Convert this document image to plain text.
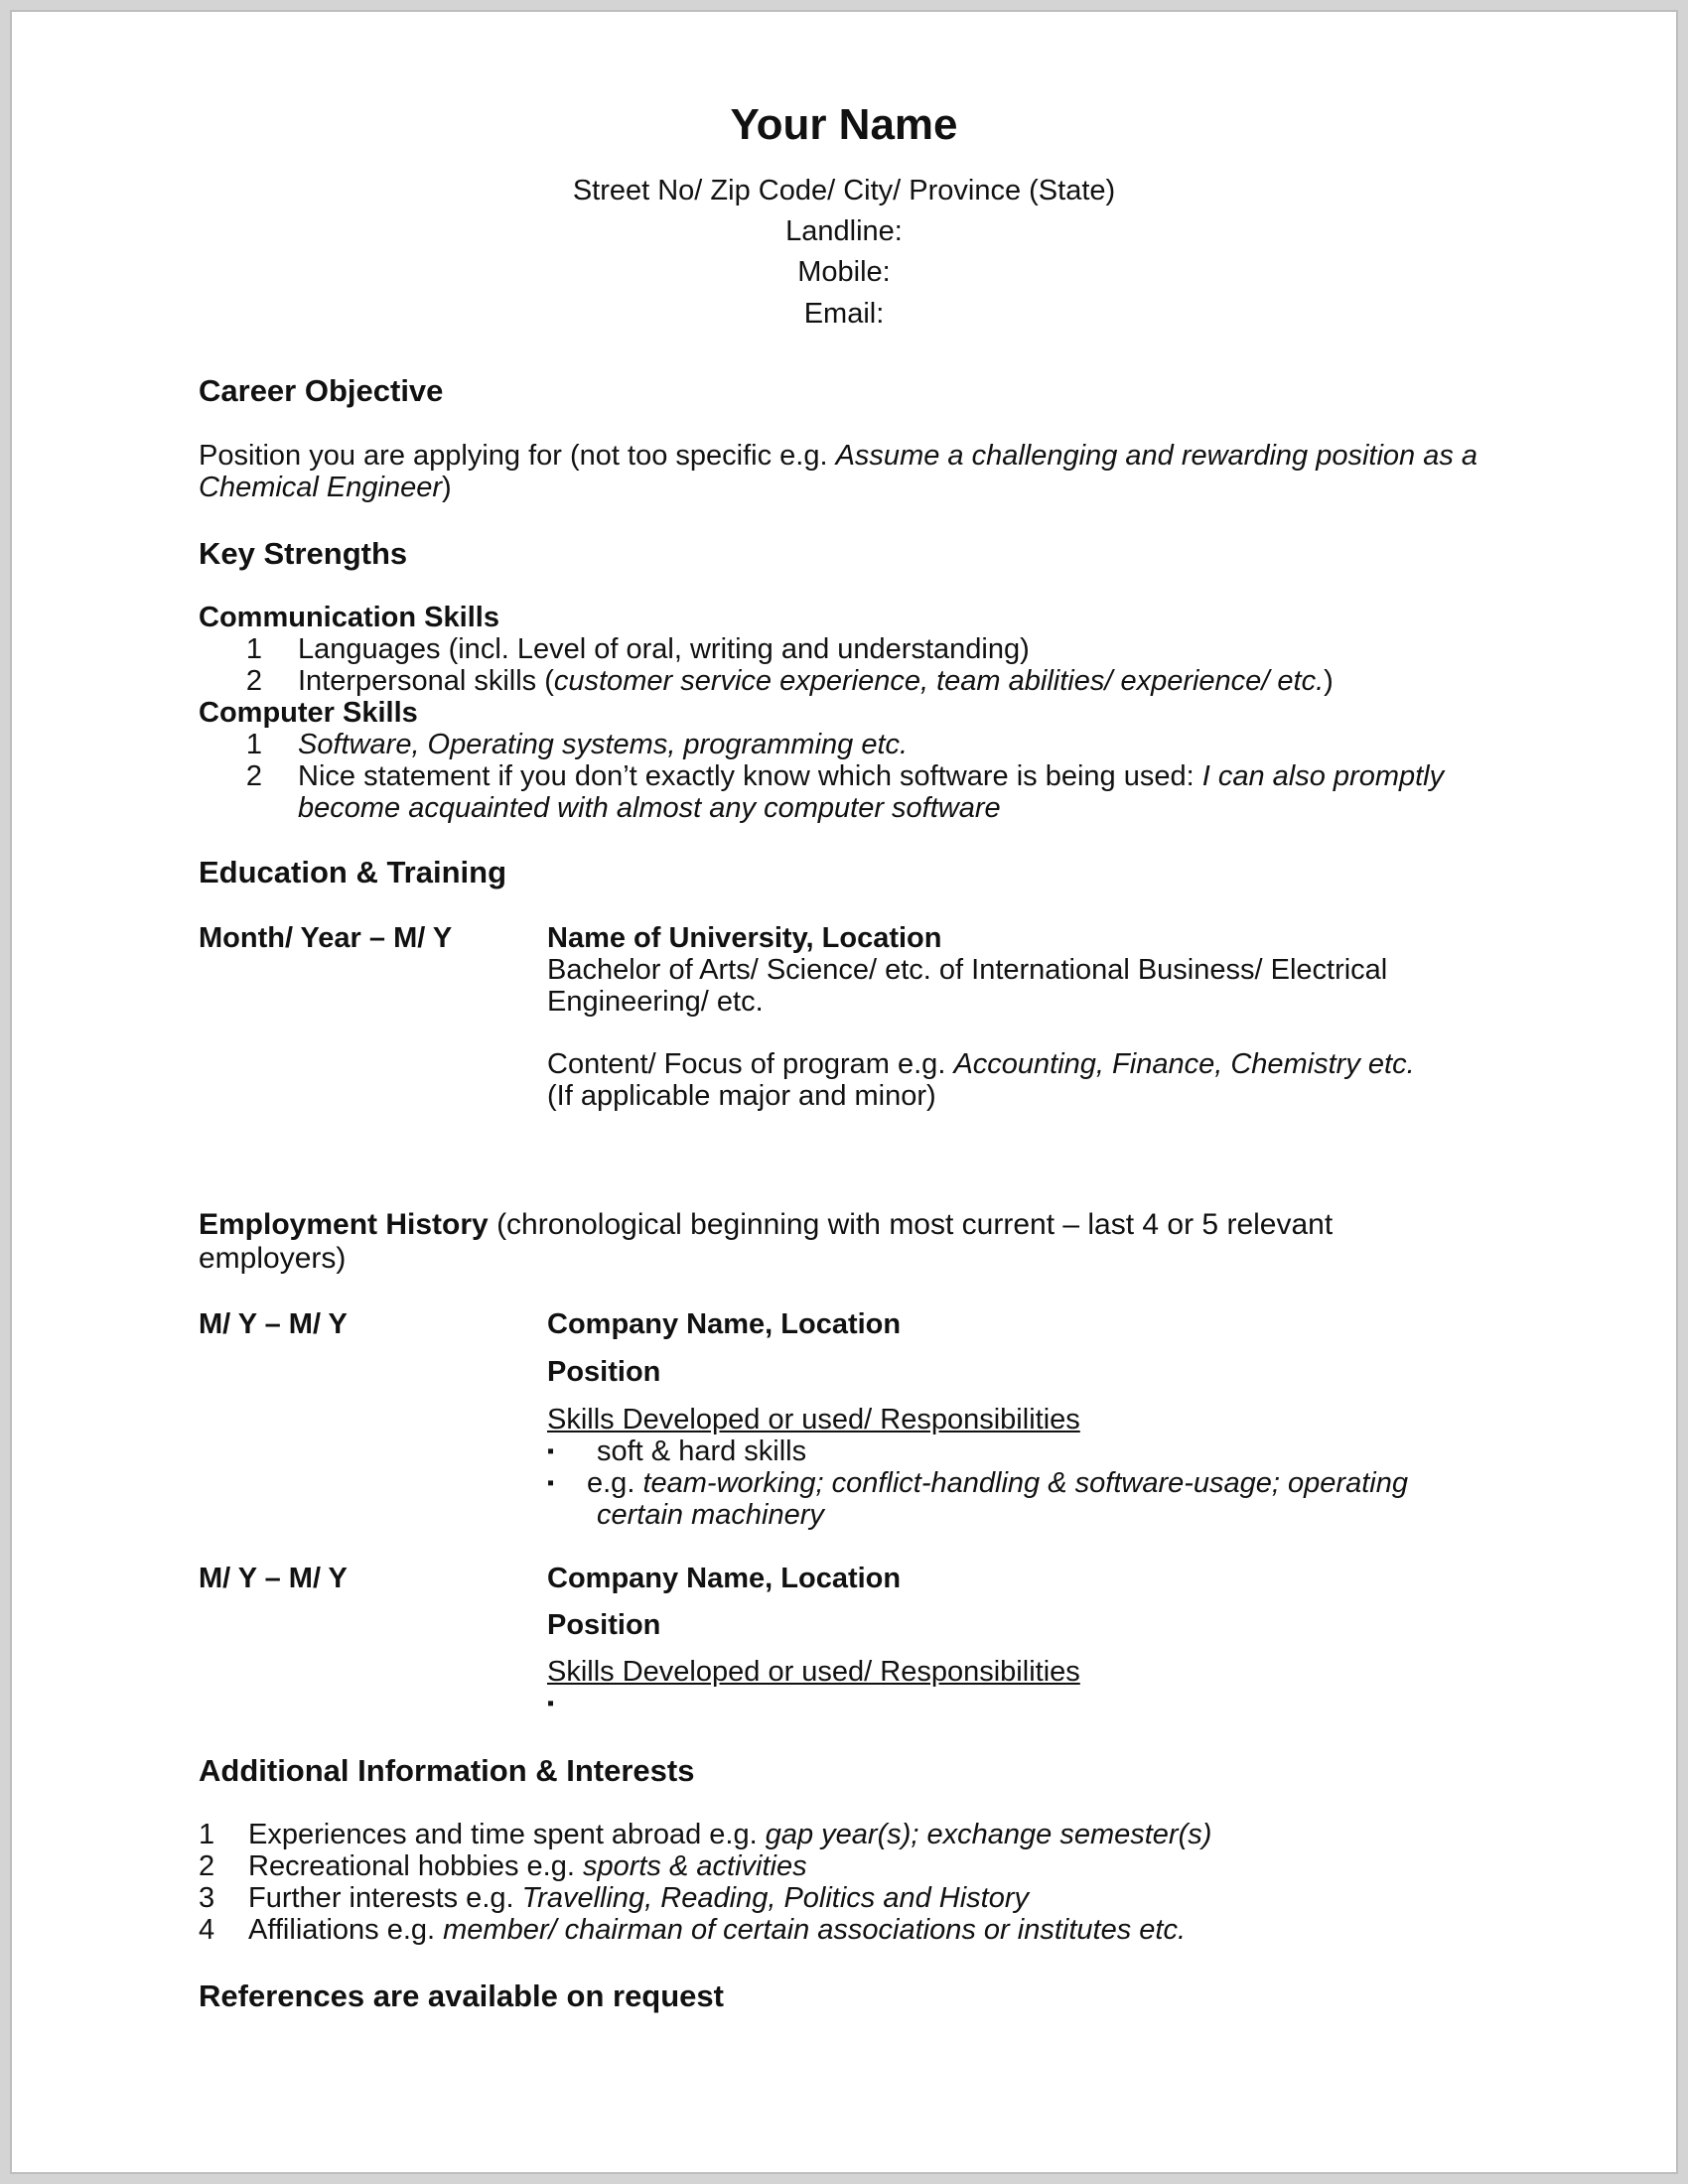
Your Name
Street No/ Zip Code/ City/ Province (State)
Landline:
Mobile:
Email:
Career Objective
Position you are applying for (not too specific e.g. Assume a challenging and rewarding position as a
Chemical Engineer)
Key Strengths
Communication Skills
1 Languages (incl. Level of oral, writing and understanding)
2 Interpersonal skills (customer service experience, team abilities/ experience/ etc.)
Computer Skills
1 Software, Operating systems, programming etc.
2 Nice statement if you don’t exactly know which software is being used: I can also promptly
become acquainted with almost any computer software
Education & Training
Month/ Year – M/ Y	Name of University, Location
Bachelor of Arts/ Science/ etc. of International Business/ Electrical
Engineering/ etc.
Content/ Focus of program e.g. Accounting, Finance, Chemistry etc.
(If applicable major and minor)
Employment History (chronological beginning with most current – last 4 or 5 relevant
employers)
M/ Y – M/ Y	Company Name, Location
Position
Skills Developed or used/ Responsibilities
▪ soft & hard skills
▪ e.g. team-working; conflict-handling & software-usage; operating
certain machinery
M/ Y – M/ Y	Company Name, Location
Position
Skills Developed or used/ Responsibilities
▪
Additional Information & Interests
1 Experiences and time spent abroad e.g. gap year(s); exchange semester(s)
2 Recreational hobbies e.g. sports & activities
3 Further interests e.g. Travelling, Reading, Politics and History
4 Affiliations e.g. member/ chairman of certain associations or institutes etc.
References are available on request
